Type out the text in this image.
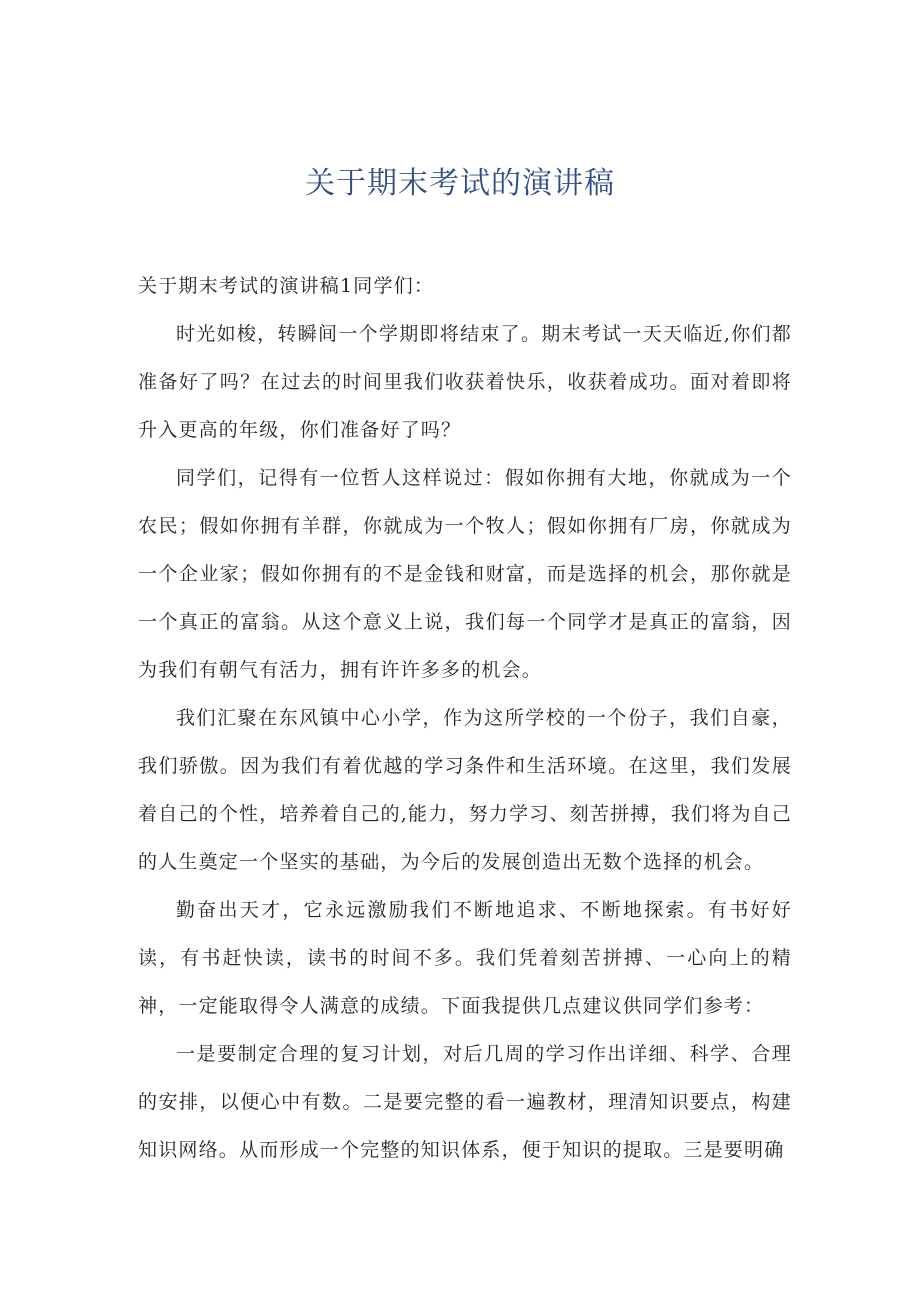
关于期末考试的演讲稿

关于期末考试的演讲稿1同学们：

时光如梭，转瞬间一个学期即将结束了。期末考试一天天临近,你们都准备好了吗？在过去的时间里我们收获着快乐，收获着成功。面对着即将升入更高的年级，你们准备好了吗？

同学们，记得有一位哲人这样说过：假如你拥有大地，你就成为一个农民；假如你拥有羊群，你就成为一个牧人；假如你拥有厂房，你就成为一个企业家；假如你拥有的不是金钱和财富，而是选择的机会，那你就是一个真正的富翁。从这个意义上说，我们每一个同学才是真正的富翁，因为我们有朝气有活力，拥有许许多多的机会。

我们汇聚在东风镇中心小学，作为这所学校的一个份子，我们自豪，我们骄傲。因为我们有着优越的学习条件和生活环境。在这里，我们发展着自己的个性，培养着自己的,能力，努力学习、刻苦拼搏，我们将为自己的人生奠定一个坚实的基础，为今后的发展创造出无数个选择的机会。

勤奋出天才，它永远激励我们不断地追求、不断地探索。有书好好读，有书赶快读，读书的时间不多。我们凭着刻苦拼搏、一心向上的精神，一定能取得令人满意的成绩。下面我提供几点建议供同学们参考：

一是要制定合理的复习计划，对后几周的学习作出详细、科学、合理的安排，以便心中有数。二是要完整的看一遍教材，理清知识要点，构建知识网络。从而形成一个完整的知识体系，便于知识的提取。三是要明确
